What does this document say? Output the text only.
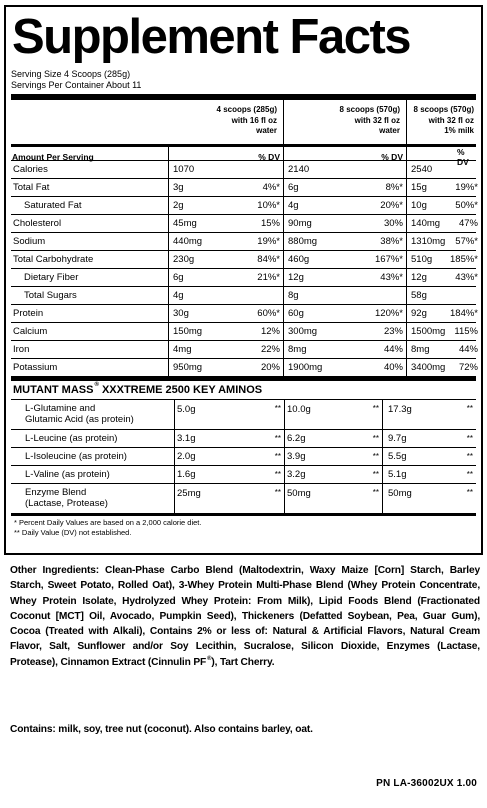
Supplement Facts
Serving Size 4 Scoops (285g)
Servings Per Container About 11
4 scoops (285g)
with 16 fl oz
water
8 scoops (570g)
with 32 fl oz
water
8 scoops (570g)
with 32 fl oz
1% milk
Amount Per Serving	% DV	% DV	% DV
Calories	1070	2140	2540
Total Fat	3g	4%* 6g	8%* 15g	19%*
Saturated Fat	2g	10%* 4g	20%* 10g	50%*
Cholesterol	45mg	15% 90mg	30% 140mg	47%
Sodium	440mg	19%* 880mg	38%* 1310mg	57%*
Total Carbohydrate	230g	84%* 460g	167%* 510g	185%*
Dietary Fiber	6g	21%* 12g	43%* 12g	43%*
Total Sugars	4g	8g	58g
Protein	30g	60%* 60g	120%* 92g	184%*
Calcium	150mg	12% 300mg	23% 1500mg 115%
Iron	4mg	22% 8mg	44% 8mg	44%
Potassium	950mg	20% 1900mg	40% 3400mg	72%
MUTANT MASS® XXXTREME 2500 KEY AMINOS
L-Glutamine and
Glutamic Acid (as protein)
5.0g	** 10.0g	** 17.3g	**
L-Leucine (as protein)	3.1g	** 6.2g	** 9.7g	**
L-Isoleucine (as protein)	2.0g	** 3.9g	** 5.5g	**
L-Valine (as protein)	1.6g	** 3.2g	** 5.1g	**
Enzyme Blend
(Lactase, Protease)
25mg	** 50mg	** 50mg	**
* Percent Daily Values are based on a 2,000 calorie diet.
** Daily Value (DV) not established.
Other Ingredients: Clean-Phase Carbo Blend (Maltodextrin, Waxy Maize [Corn] Starch, Barley Starch, Sweet Potato, Rolled Oat), 3-Whey Protein Multi-Phase Blend (Whey Protein Concentrate, Whey Protein Isolate, Hydrolyzed Whey Protein: From Milk), Lipid Foods Blend (Fractionated Coconut [MCT] Oil, Avocado, Pumpkin Seed), Thickeners (Defatted Soybean, Pea, Guar Gum), Cocoa (Treated with Alkali), Contains 2% or less of: Natural & Artificial Flavors, Natural Cream Flavor, Salt, Sunflower and/or Soy Lecithin, Sucralose, Silicon Dioxide, Enzymes (Lactase, Protease), Cinnamon Extract (Cinnulin PF®), Tart Cherry.
Contains: milk, soy, tree nut (coconut). Also contains barley, oat.
PN LA-36002UX 1.00
